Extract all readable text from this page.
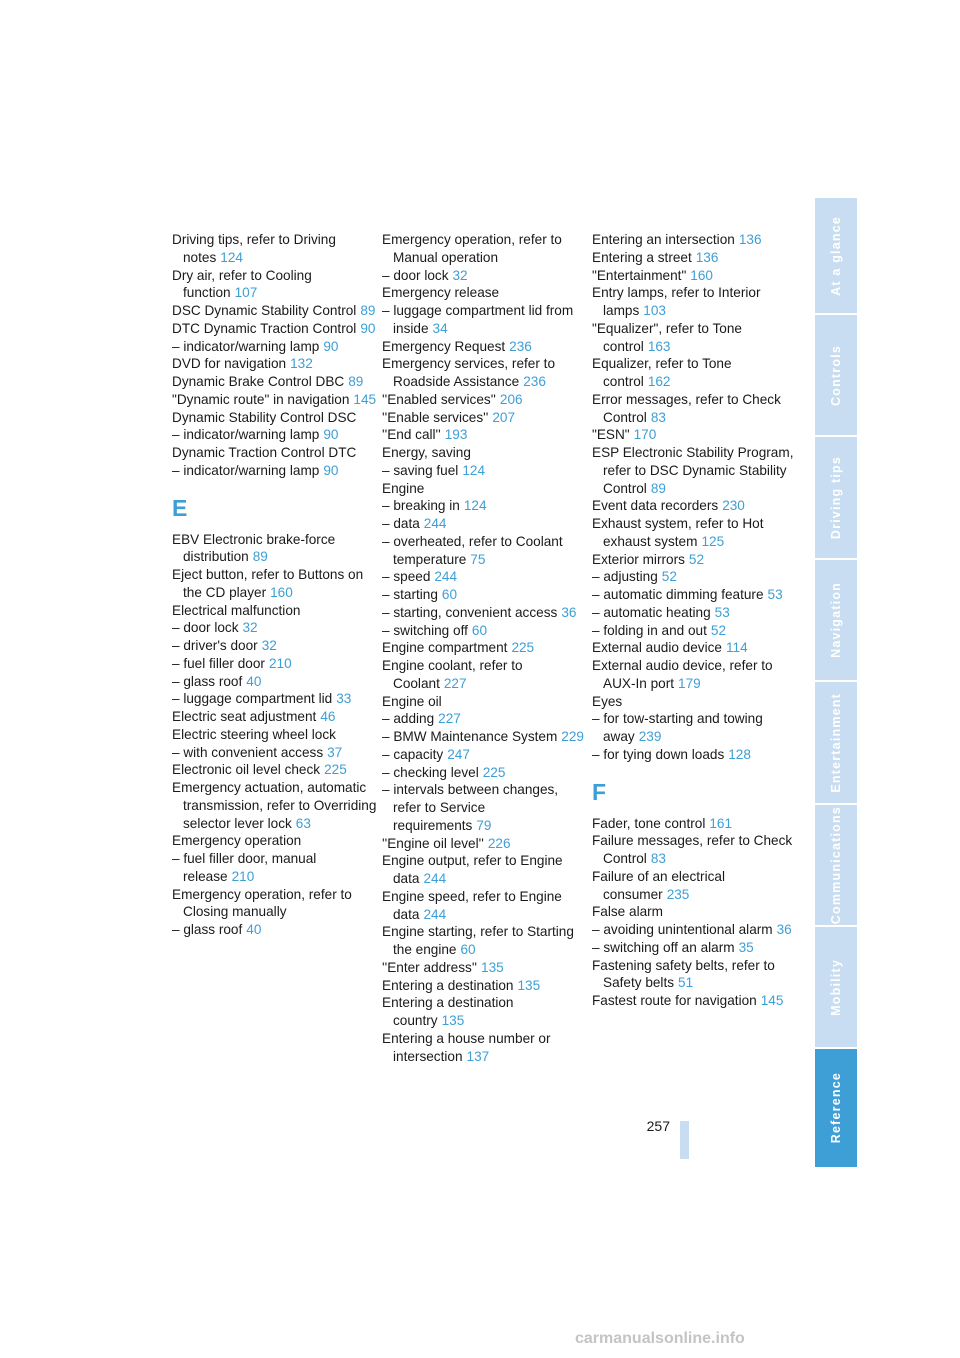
Driving tips, refer to Driving notes 124
Dry air, refer to Cooling function 107
DSC Dynamic Stability Control 89
DTC Dynamic Traction Control 90
– indicator/warning lamp 90
DVD for navigation 132
Dynamic Brake Control DBC 89
"Dynamic route" in navigation 145
Dynamic Stability Control DSC
– indicator/warning lamp 90
Dynamic Traction Control DTC
– indicator/warning lamp 90
E
EBV Electronic brake-force distribution 89
Eject button, refer to Buttons on the CD player 160
Electrical malfunction
– door lock 32
– driver's door 32
– fuel filler door 210
– glass roof 40
– luggage compartment lid 33
Electric seat adjustment 46
Electric steering wheel lock
– with convenient access 37
Electronic oil level check 225
Emergency actuation, automatic transmission, refer to Overriding selector lever lock 63
Emergency operation
– fuel filler door, manual release 210
Emergency operation, refer to Closing manually
– glass roof 40
Emergency operation, refer to Manual operation
– door lock 32
Emergency release
– luggage compartment lid from inside 34
Emergency Request 236
Emergency services, refer to Roadside Assistance 236
''Enabled services'' 206
''Enable services'' 207
''End call'' 193
Energy, saving
– saving fuel 124
Engine
– breaking in 124
– data 244
– overheated, refer to Coolant temperature 75
– speed 244
– starting 60
– starting, convenient access 36
– switching off 60
Engine compartment 225
Engine coolant, refer to Coolant 227
Engine oil
– adding 227
– BMW Maintenance System 229
– capacity 247
– checking level 225
– intervals between changes, refer to Service requirements 79
''Engine oil level'' 226
Engine output, refer to Engine data 244
Engine speed, refer to Engine data 244
Engine starting, refer to Starting the engine 60
''Enter address'' 135
Entering a destination 135
Entering a destination country 135
Entering a house number or intersection 137
Entering an intersection 136
Entering a street 136
"Entertainment" 160
Entry lamps, refer to Interior lamps 103
"Equalizer", refer to Tone control 163
Equalizer, refer to Tone control 162
Error messages, refer to Check Control 83
"ESN" 170
ESP Electronic Stability Program, refer to DSC Dynamic Stability Control 89
Event data recorders 230
Exhaust system, refer to Hot exhaust system 125
Exterior mirrors 52
– adjusting 52
– automatic dimming feature 53
– automatic heating 53
– folding in and out 52
External audio device 114
External audio device, refer to AUX-In port 179
Eyes
– for tow-starting and towing away 239
– for tying down loads 128
F
Fader, tone control 161
Failure messages, refer to Check Control 83
Failure of an electrical consumer 235
False alarm
– avoiding unintentional alarm 36
– switching off an alarm 35
Fastening safety belts, refer to Safety belts 51
Fastest route for navigation 145
257
At a glance
Controls
Driving tips
Navigation
Entertainment
Communications
Mobility
Reference
carmanualsonline.info
